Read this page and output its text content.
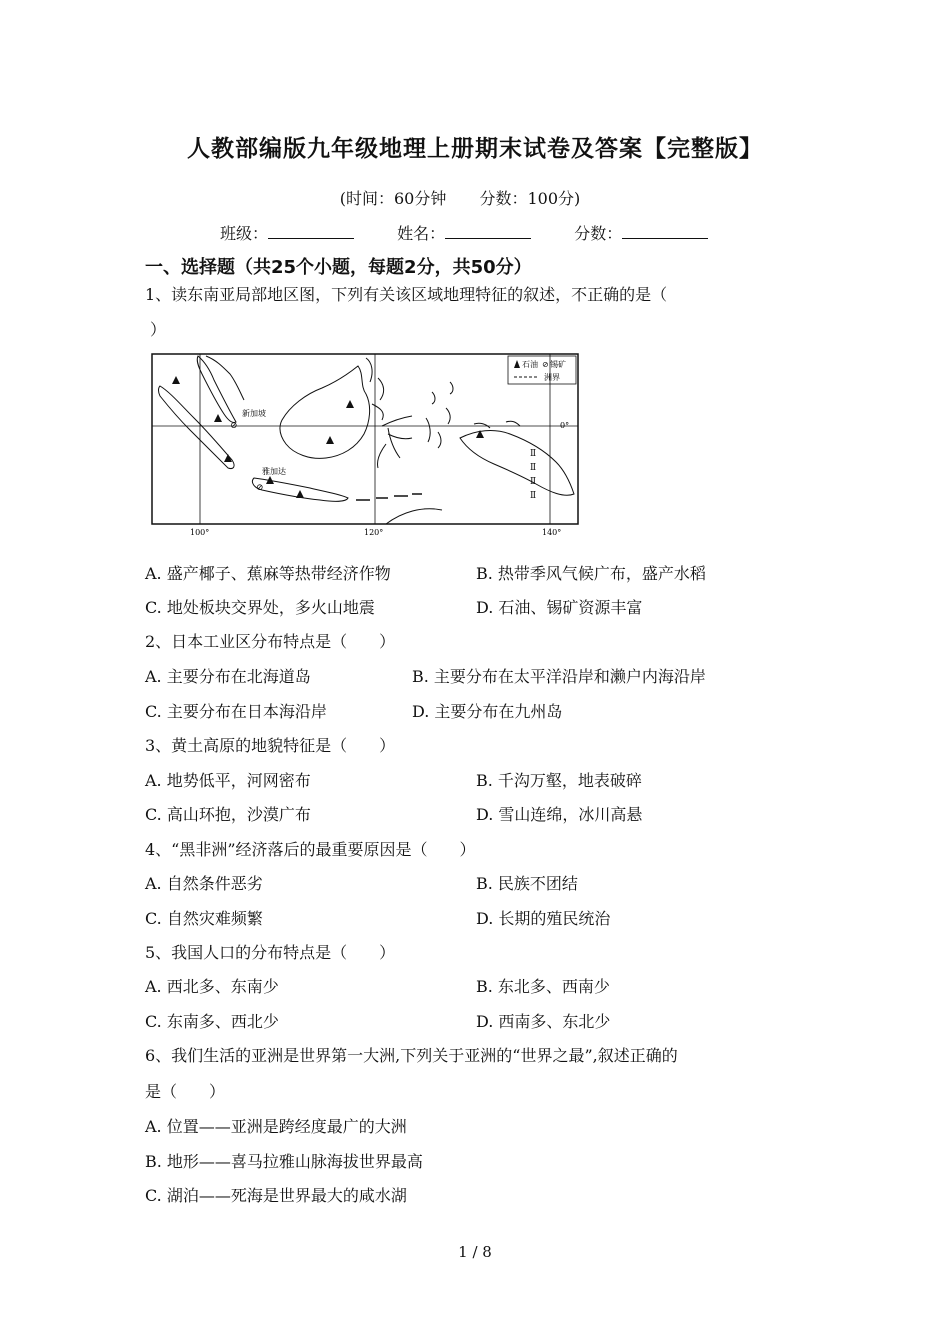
人教部编版九年级地理上册期末试卷及答案【完整版】
(时间：60分钟 分数：100分)
班级：	姓名：	分数：
一、选择题（共25个小题，每题2分，共50分）
1、读东南亚局部地区图，下列有关该区域地理特征的叙述，不正确的是（
）
石油 ⊘ 锡矿
洲界
⊘
⊘
Ⅱ
Ⅱ
Ⅱ
Ⅱ
新加坡
雅加达
0°
100°	120°	140°
A. 盛产椰子、蕉麻等热带经济作物	B. 热带季风气候广布，盛产水稻
C. 地处板块交界处，多火山地震	D. 石油、锡矿资源丰富
2、日本工业区分布特点是（　　）
A. 主要分布在北海道岛	B. 主要分布在太平洋沿岸和濑户内海沿岸
C. 主要分布在日本海沿岸	D. 主要分布在九州岛
3、黄土高原的地貌特征是（　　）
A. 地势低平，河网密布	B. 千沟万壑，地表破碎
C. 高山环抱，沙漠广布	D. 雪山连绵，冰川高悬
4、“黑非洲”经济落后的最重要原因是（　　）
A. 自然条件恶劣	B. 民族不团结
C. 自然灾难频繁	D. 长期的殖民统治
5、我国人口的分布特点是（　　）
A. 西北多、东南少	B. 东北多、西南少
C. 东南多、西北少	D. 西南多、东北少
6、我们生活的亚洲是世界第一大洲,下列关于亚洲的“世界之最”,叙述正确的
是（　　）
A. 位置——亚洲是跨经度最广的大洲
B. 地形——喜马拉雅山脉海拔世界最高
C. 湖泊——死海是世界最大的咸水湖
1 / 8
